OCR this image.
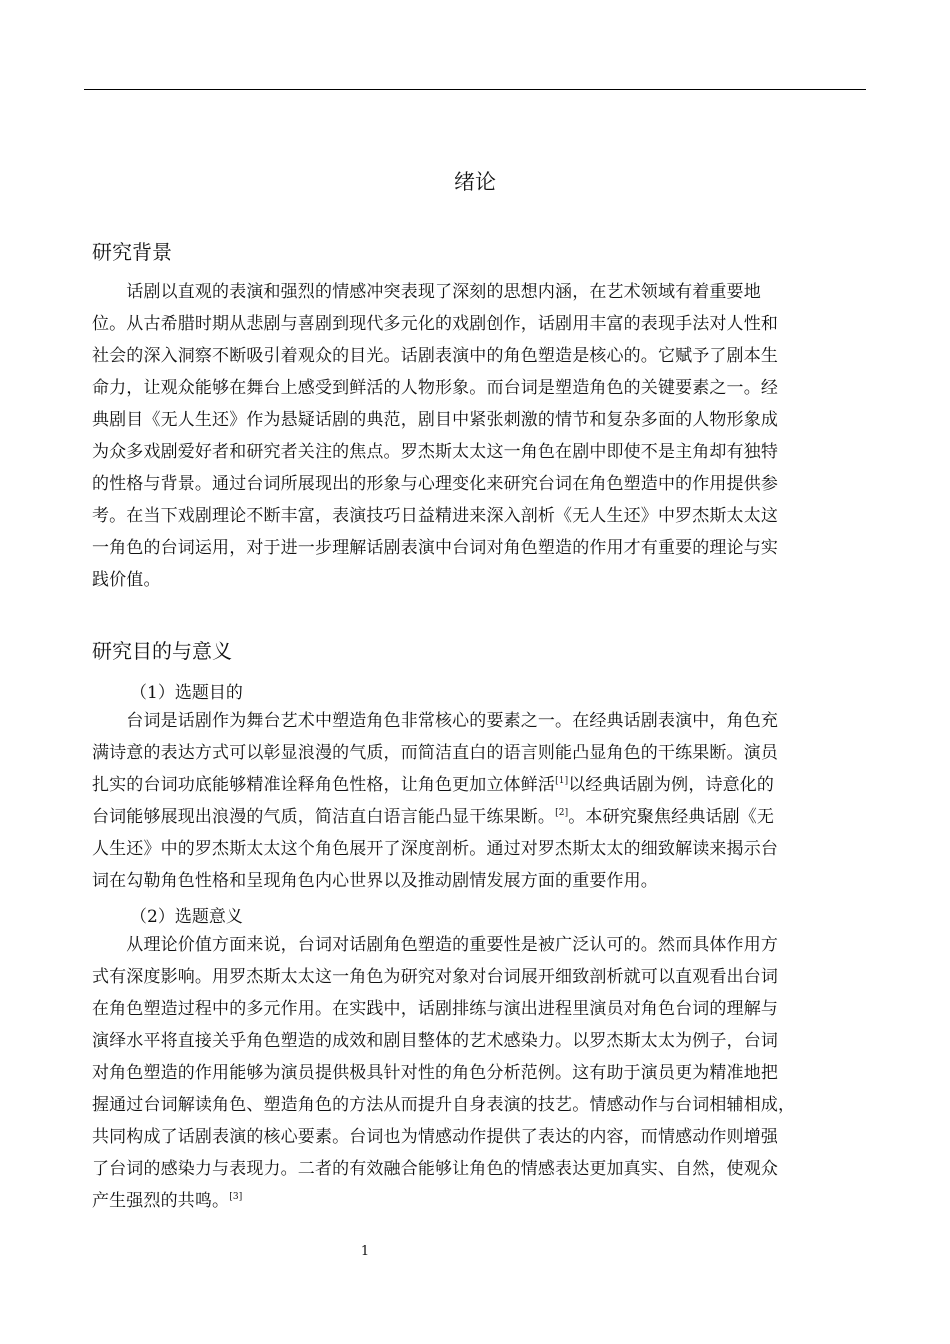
绪论
研究背景
　　话剧以直观的表演和强烈的情感冲突表现了深刻的思想内涵，在艺术领域有着重要地
位。从古希腊时期从悲剧与喜剧到现代多元化的戏剧创作，话剧用丰富的表现手法对人性和
社会的深入洞察不断吸引着观众的目光。话剧表演中的角色塑造是核心的。它赋予了剧本生
命力，让观众能够在舞台上感受到鲜活的人物形象。而台词是塑造角色的关键要素之一。经
典剧目《无人生还》作为悬疑话剧的典范，剧目中紧张刺激的情节和复杂多面的人物形象成
为众多戏剧爱好者和研究者关注的焦点。罗杰斯太太这一角色在剧中即使不是主角却有独特
的性格与背景。通过台词所展现出的形象与心理变化来研究台词在角色塑造中的作用提供参
考。在当下戏剧理论不断丰富，表演技巧日益精进来深入剖析《无人生还》中罗杰斯太太这
一角色的台词运用，对于进一步理解话剧表演中台词对角色塑造的作用才有重要的理论与实
践价值。
研究目的与意义
（1）选题目的
　　台词是话剧作为舞台艺术中塑造角色非常核心的要素之一。在经典话剧表演中，角色充
满诗意的表达方式可以彰显浪漫的气质，而简洁直白的语言则能凸显角色的干练果断。演员
扎实的台词功底能够精准诠释角色性格，让角色更加立体鲜活[1]以经典话剧为例，诗意化的
台词能够展现出浪漫的气质，简洁直白语言能凸显干练果断。[2]。本研究聚焦经典话剧《无
人生还》中的罗杰斯太太这个角色展开了深度剖析。通过对罗杰斯太太的细致解读来揭示台
词在勾勒角色性格和呈现角色内心世界以及推动剧情发展方面的重要作用。
（2）选题意义
　　从理论价值方面来说，台词对话剧角色塑造的重要性是被广泛认可的。然而具体作用方
式有深度影响。用罗杰斯太太这一角色为研究对象对台词展开细致剖析就可以直观看出台词
在角色塑造过程中的多元作用。在实践中，话剧排练与演出进程里演员对角色台词的理解与
演绎水平将直接关乎角色塑造的成效和剧目整体的艺术感染力。以罗杰斯太太为例子，台词
对角色塑造的作用能够为演员提供极具针对性的角色分析范例。这有助于演员更为精准地把
握通过台词解读角色、塑造角色的方法从而提升自身表演的技艺。情感动作与台词相辅相成，
共同构成了话剧表演的核心要素。台词也为情感动作提供了表达的内容，而情感动作则增强
了台词的感染力与表现力。二者的有效融合能够让角色的情感表达更加真实、自然，使观众
产生强烈的共鸣。[3]
1
